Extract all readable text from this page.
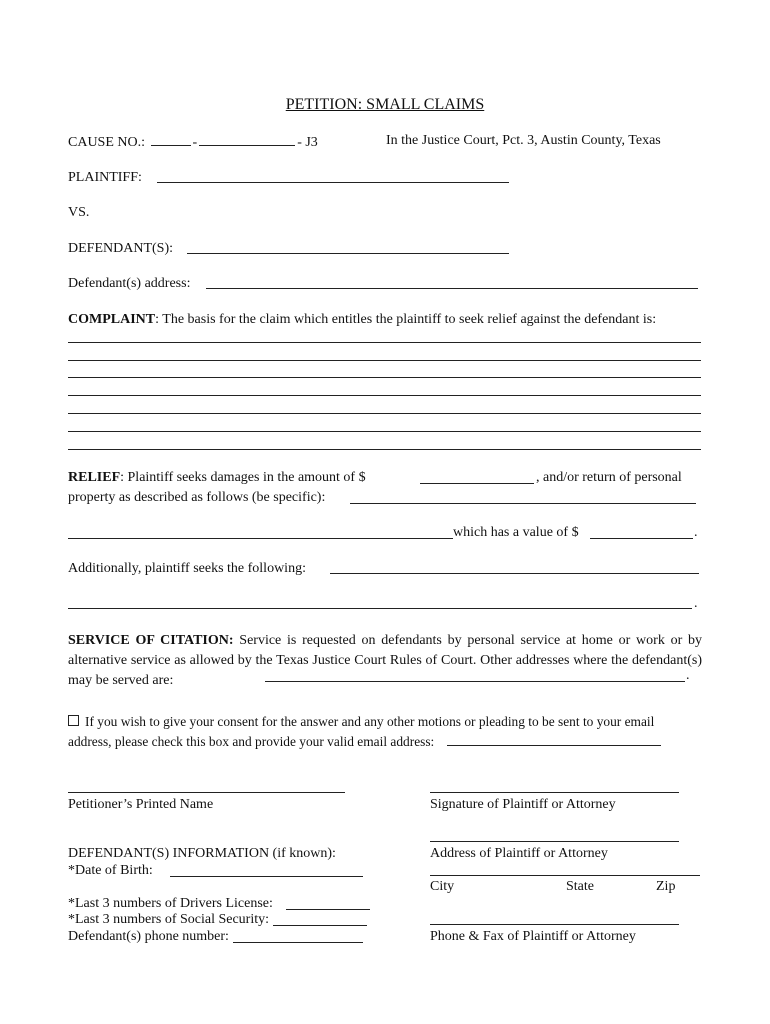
PETITION: SMALL CLAIMS
CAUSE NO.:	-	- J3	In the Justice Court, Pct. 3, Austin County, Texas
PLAINTIFF:
VS.
DEFENDANT(S):
Defendant(s) address:
COMPLAINT: The basis for the claim which entitles the plaintiff to seek relief against the defendant is:
RELIEF: Plaintiff seeks damages in the amount of $	, and/or return of personal
property as described as follows (be specific):
which has a value of $	.
Additionally, plaintiff seeks the following:
.
SERVICE OF CITATION: Service is requested on defendants by personal service at home or work or by alternative service as allowed by the Texas Justice Court Rules of Court. Other addresses where the defendant(s) may be served are:	.
If you wish to give your consent for the answer and any other motions or pleading to be sent to your email
address, please check this box and provide your valid email address:
Petitioner’s Printed Name	Signature of Plaintiff or Attorney
Address of Plaintiff or Attorney
City	State	Zip
Phone & Fax of Plaintiff or Attorney
DEFENDANT(S) INFORMATION (if known):
*Date of Birth:
*Last 3 numbers of Drivers License:
*Last 3 numbers of Social Security:
Defendant(s) phone number:
